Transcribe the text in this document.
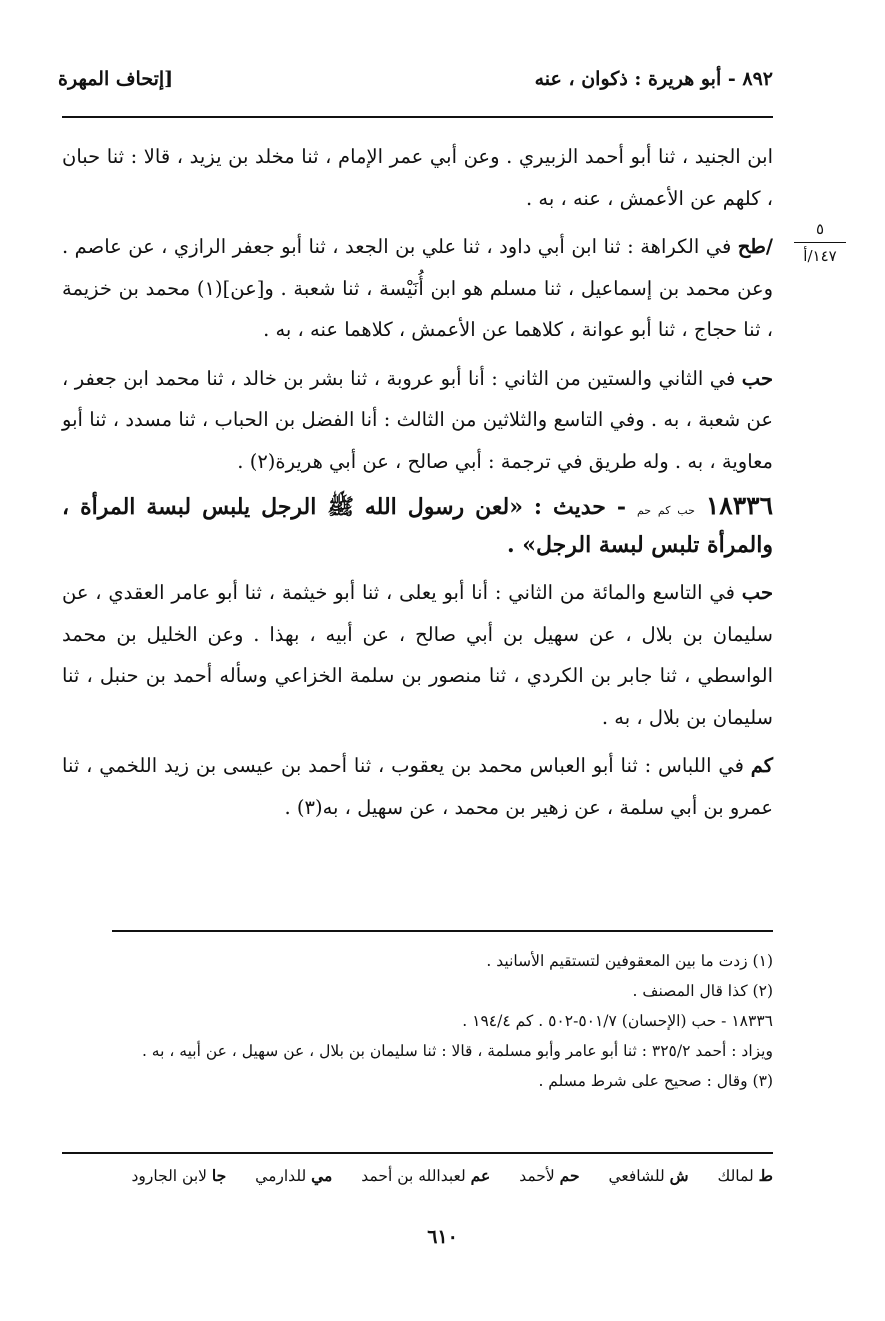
٨٩٢ - أبو هريرة : ذكوان ، عنه
[إتحاف المهرة
٥
١٤٧/أ

ابن الجنيد ، ثنا أبو أحمد الزبيري . وعن أبي عمر الإمام ، ثنا مخلد بن يزيد ، قالا : ثنا حبان ، كلهم عن الأعمش ، عنه ، به .

/طح في الكراهة : ثنا ابن أبي داود ، ثنا علي بن الجعد ، ثنا أبو جعفر الرازي ، عن عاصم . وعن محمد بن إسماعيل ، ثنا مسلم هو ابن أُنَيْسة ، ثنا شعبة . و[عن](١) محمد بن خزيمة ، ثنا حجاج ، ثنا أبو عوانة ، كلاهما عن الأعمش ، كلاهما عنه ، به .

حب في الثاني والستين من الثاني : أنا أبو عروبة ، ثنا بشر بن خالد ، ثنا محمد ابن جعفر ، عن شعبة ، به . وفي التاسع والثلاثين من الثالث : أنا الفضل بن الحباب ، ثنا مسدد ، ثنا أبو معاوية ، به . وله طريق في ترجمة : أبي صالح ، عن أبي هريرة(٢) .

١٨٣٣٦ حب كم حم - حديث : «لعن رسول الله ﷺ الرجل يلبس لبسة المرأة ، والمرأة تلبس لبسة الرجل» .

حب في التاسع والمائة من الثاني : أنا أبو يعلى ، ثنا أبو خيثمة ، ثنا أبو عامر العقدي ، عن سليمان بن بلال ، عن سهيل بن أبي صالح ، عن أبيه ، بهذا . وعن الخليل بن محمد الواسطي ، ثنا جابر بن الكردي ، ثنا منصور بن سلمة الخزاعي وسأله أحمد بن حنبل ، ثنا سليمان بن بلال ، به .

كم في اللباس : ثنا أبو العباس محمد بن يعقوب ، ثنا أحمد بن عيسى بن زيد اللخمي ، ثنا عمرو بن أبي سلمة ، عن زهير بن محمد ، عن سهيل ، به(٣) .

(١) زدت ما بين المعقوفين لتستقيم الأسانيد .

(٢) كذا قال المصنف .

١٨٣٣٦ - حب (الإحسان) ٥٠١/٧-٥٠٢ . كم ١٩٤/٤ .

ويزاد : أحمد ٣٢٥/٢ : ثنا أبو عامر وأبو مسلمة ، قالا : ثنا سليمان بن بلال ، عن سهيل ، عن أبيه ، به .

(٣) وقال : صحيح على شرط مسلم .

ط لمالك ش للشافعي حم لأحمد عم لعبدالله بن أحمد مي للدارمي جا لابن الجارود
٦١٠
